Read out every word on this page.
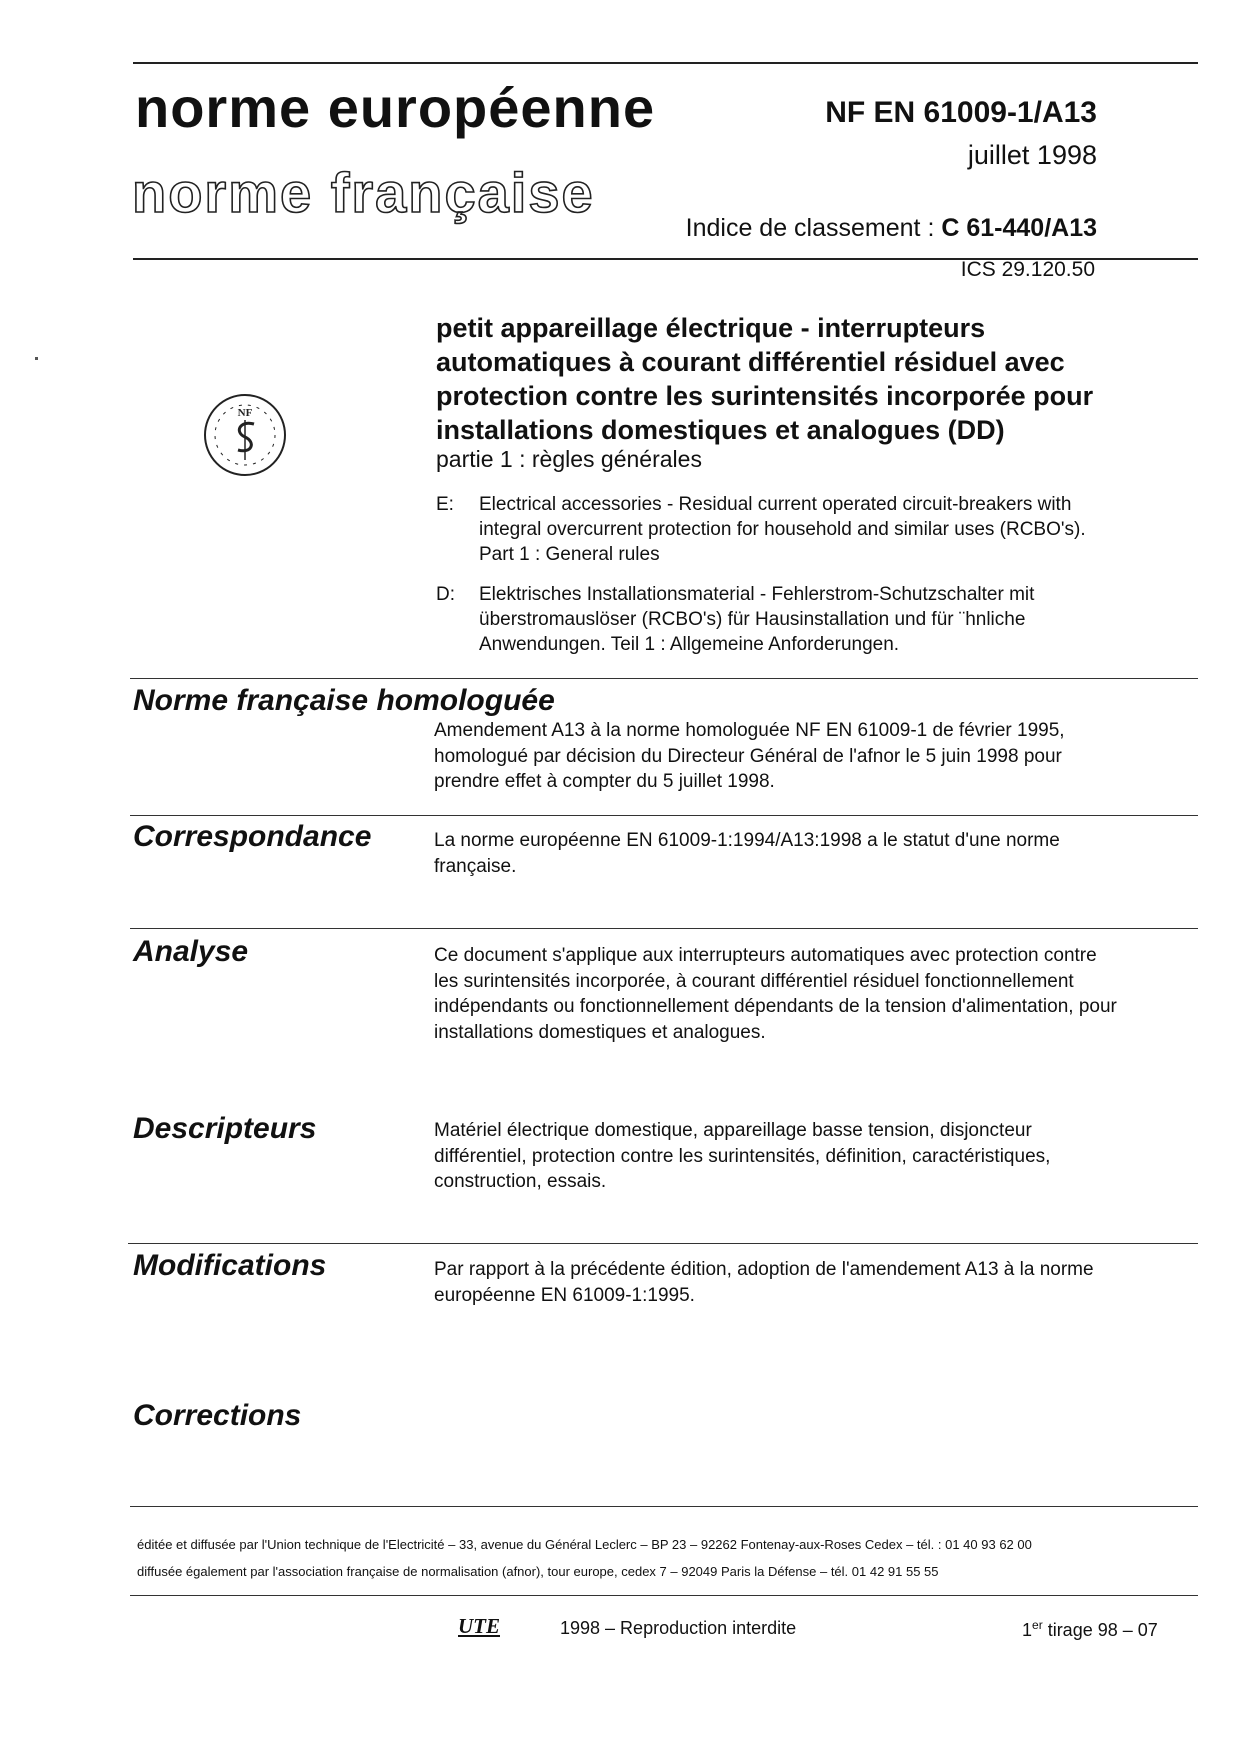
norme européenne
norme française
NF EN 61009-1/A13
juillet 1998
Indice de classement : C 61-440/A13
ICS 29.120.50
NF
petit appareillage électrique - interrupteurs
automatiques à courant différentiel résiduel avec
protection contre les surintensités incorporée pour
installations domestiques et analogues (DD)
partie 1 : règles générales
E: Electrical accessories - Residual current operated circuit-breakers with
integral overcurrent protection for household and similar uses (RCBO's).
Part 1 : General rules
D: Elektrisches Installationsmaterial - Fehlerstrom-Schutzschalter mit
überstromauslöser (RCBO's) für Hausinstallation und für ¨hnliche
Anwendungen. Teil 1 : Allgemeine Anforderungen.
Norme française homologuée
Amendement A13 à la norme homologuée NF EN 61009-1 de février 1995,
homologué par décision du Directeur Général de l'afnor le 5 juin 1998 pour
prendre effet à compter du 5 juillet 1998.
Correspondance	La norme européenne EN 61009-1:1994/A13:1998 a le statut d'une norme
française.
Analyse	Ce document s'applique aux interrupteurs automatiques avec protection contre
les surintensités incorporée, à courant différentiel résiduel fonctionnellement
indépendants ou fonctionnellement dépendants de la tension d'alimentation, pour
installations domestiques et analogues.
Descripteurs	Matériel électrique domestique, appareillage basse tension, disjoncteur
différentiel, protection contre les surintensités, définition, caractéristiques,
construction, essais.
Modifications	Par rapport à la précédente édition, adoption de l'amendement A13 à la norme
européenne EN 61009-1:1995.
Corrections
éditée et diffusée par l'Union technique de l'Electricité – 33, avenue du Général Leclerc – BP 23 – 92262 Fontenay-aux-Roses Cedex – tél. : 01 40 93 62 00
diffusée également par l'association française de normalisation (afnor), tour europe, cedex 7 – 92049 Paris la Défense – tél. 01 42 91 55 55
UTE	1998 – Reproduction interdite	1er tirage 98 – 07
